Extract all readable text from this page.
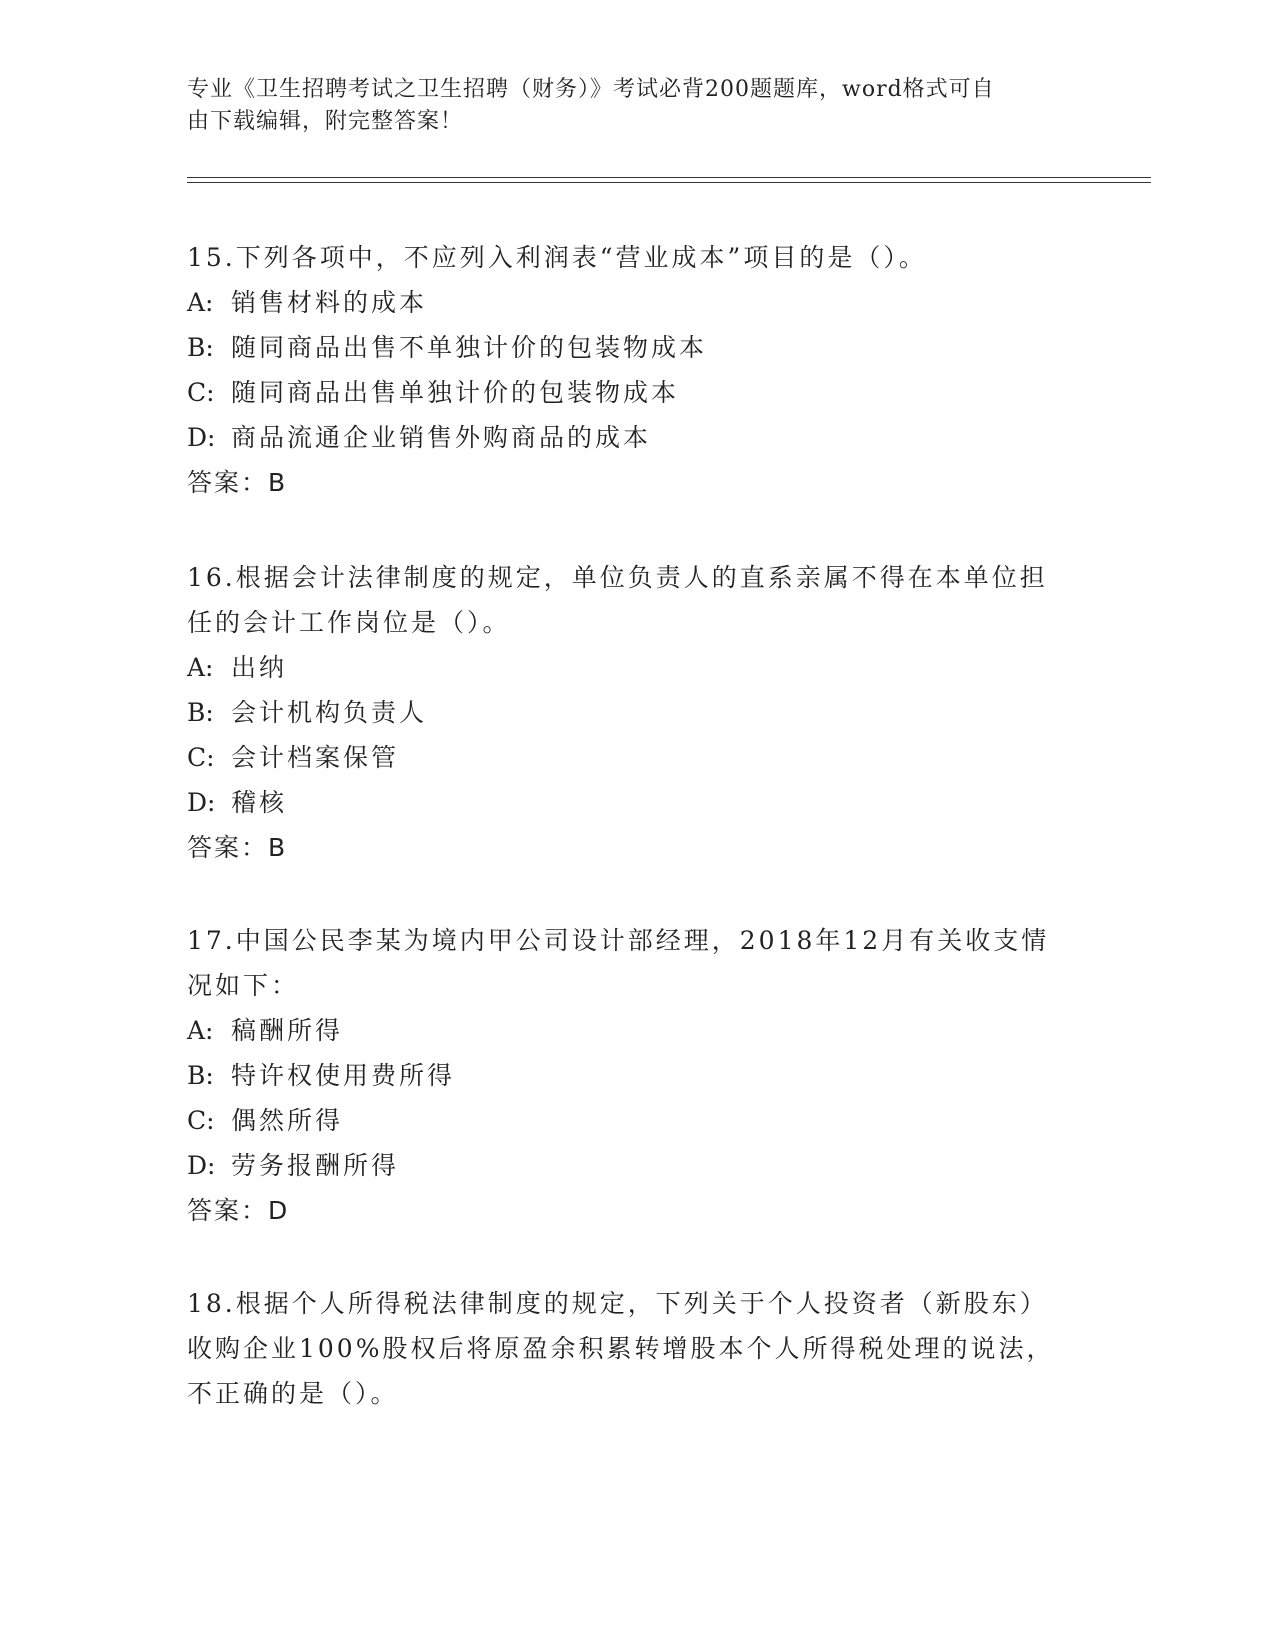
专业《卫生招聘考试之卫生招聘（财务）》考试必背200题题库，word格式可自
由下载编辑，附完整答案！

15.下列各项中，不应列入利润表“营业成本”项目的是（）。

A: 销售材料的成本

B: 随同商品出售不单独计价的包装物成本

C: 随同商品出售单独计价的包装物成本

D: 商品流通企业销售外购商品的成本

答案：B

16.根据会计法律制度的规定，单位负责人的直系亲属不得在本单位担

任的会计工作岗位是（）。

A: 出纳

B: 会计机构负责人

C: 会计档案保管

D: 稽核

答案：B

17.中国公民李某为境内甲公司设计部经理，2018年12月有关收支情

况如下：

A: 稿酬所得

B: 特许权使用费所得

C: 偶然所得

D: 劳务报酬所得

答案：D

18.根据个人所得税法律制度的规定，下列关于个人投资者（新股东）

收购企业100%股权后将原盈余积累转增股本个人所得税处理的说法，

不正确的是（）。
